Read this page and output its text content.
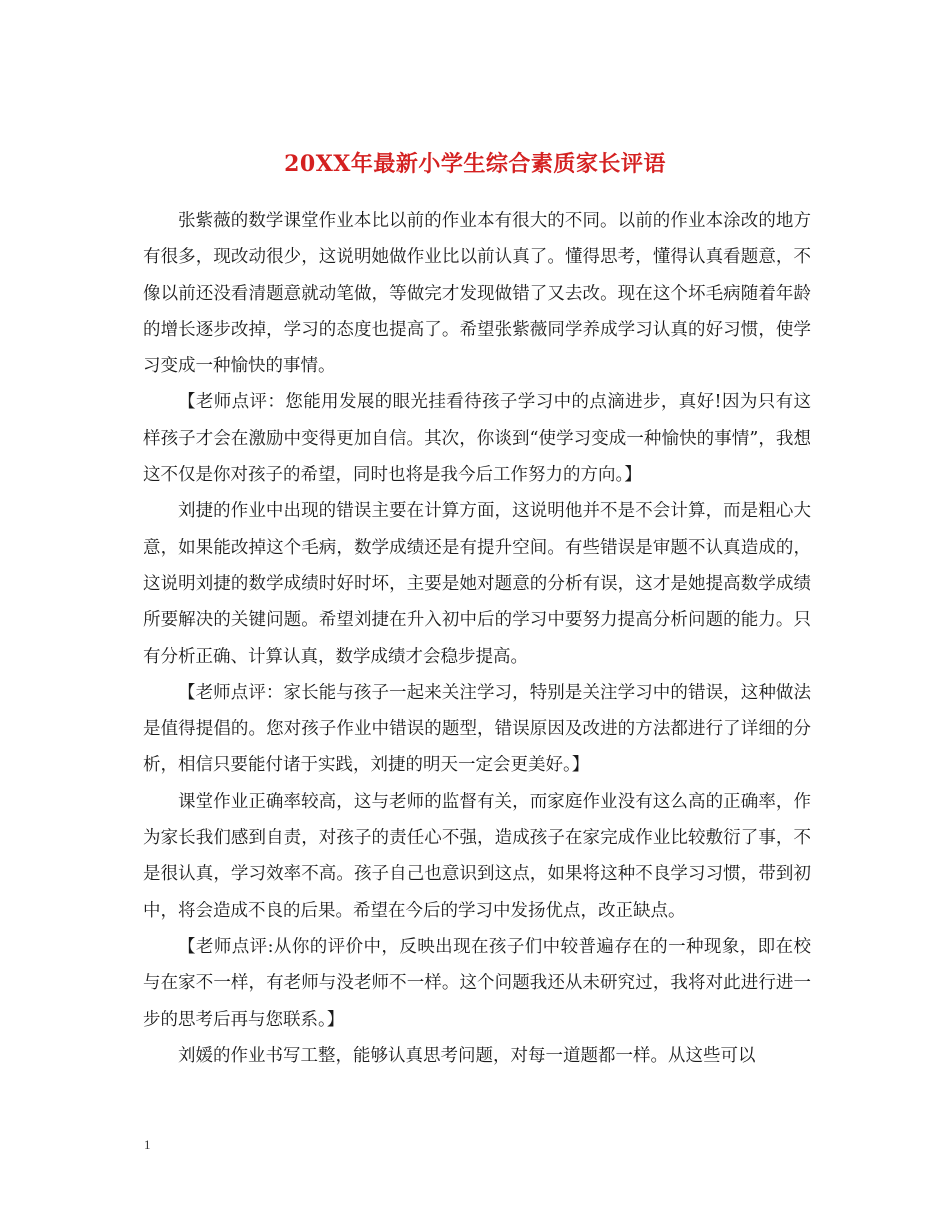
20XX年最新小学生综合素质家长评语

张紫薇的数学课堂作业本比以前的作业本有很大的不同。以前的作业本涂改的地方有很多，现改动很少，这说明她做作业比以前认真了。懂得思考，懂得认真看题意，不像以前还没看清题意就动笔做，等做完才发现做错了又去改。现在这个坏毛病随着年龄的增长逐步改掉，学习的态度也提高了。希望张紫薇同学养成学习认真的好习惯，使学习变成一种愉快的事情。

【老师点评：您能用发展的眼光挂看待孩子学习中的点滴进步，真好!因为只有这样孩子才会在激励中变得更加自信。其次，你谈到“使学习变成一种愉快的事情”，我想这不仅是你对孩子的希望，同时也将是我今后工作努力的方向。】

刘捷的作业中出现的错误主要在计算方面，这说明他并不是不会计算，而是粗心大意，如果能改掉这个毛病，数学成绩还是有提升空间。有些错误是审题不认真造成的，这说明刘捷的数学成绩时好时坏，主要是她对题意的分析有误，这才是她提高数学成绩所要解决的关键问题。希望刘捷在升入初中后的学习中要努力提高分析问题的能力。只有分析正确、计算认真，数学成绩才会稳步提高。

【老师点评：家长能与孩子一起来关注学习，特别是关注学习中的错误，这种做法是值得提倡的。您对孩子作业中错误的题型，错误原因及改进的方法都进行了详细的分析，相信只要能付诸于实践，刘捷的明天一定会更美好。】

课堂作业正确率较高，这与老师的监督有关，而家庭作业没有这么高的正确率，作为家长我们感到自责，对孩子的责任心不强，造成孩子在家完成作业比较敷衍了事，不是很认真，学习效率不高。孩子自己也意识到这点，如果将这种不良学习习惯，带到初中，将会造成不良的后果。希望在今后的学习中发扬优点，改正缺点。

【老师点评:从你的评价中，反映出现在孩子们中较普遍存在的一种现象，即在校与在家不一样，有老师与没老师不一样。这个问题我还从未研究过，我将对此进行进一步的思考后再与您联系。】

刘媛的作业书写工整，能够认真思考问题，对每一道题都一样。从这些可以

1
